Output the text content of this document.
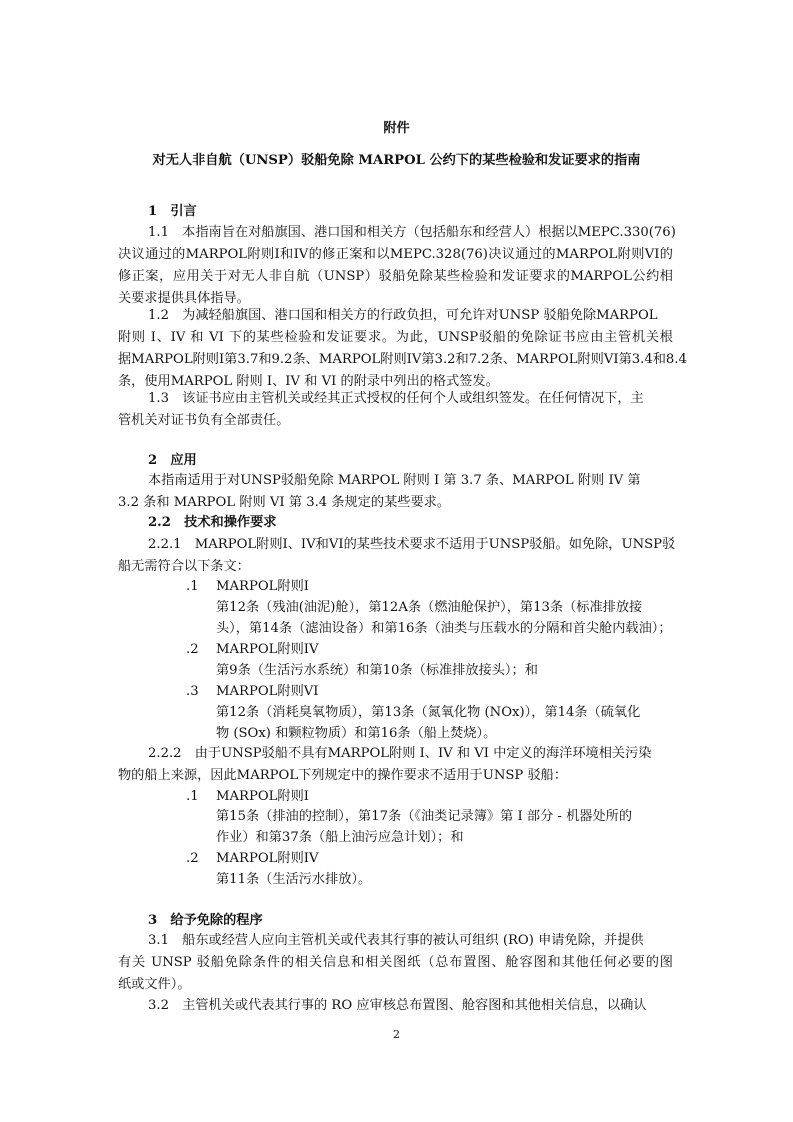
附件
对无人非自航（UNSP）驳船免除 MARPOL 公约下的某些检验和发证要求的指南
1　引言
1.1　本指南旨在对船旗国、港口国和相关方（包括船东和经营人）根据以MEPC.330(76)
决议通过的MARPOL附则I和IV的修正案和以MEPC.328(76)决议通过的MARPOL附则VI的
修正案，应用关于对无人非自航（UNSP）驳船免除某些检验和发证要求的MARPOL公约相
关要求提供具体指导。
1.2　为减轻船旗国、港口国和相关方的行政负担，可允许对UNSP 驳船免除MARPOL
附则 I、IV 和 VI 下的某些检验和发证要求。为此，UNSP驳船的免除证书应由主管机关根
据MARPOL附则I第3.7和9.2条、MARPOL附则IV第3.2和7.2条、MARPOL附则VI第3.4和8.4
条，使用MARPOL 附则 I、IV 和 VI 的附录中列出的格式签发。
1.3　该证书应由主管机关或经其正式授权的任何个人或组织签发。在任何情况下，主
管机关对证书负有全部责任。
2　应用
本指南适用于对UNSP驳船免除 MARPOL 附则 I 第 3.7 条、MARPOL 附则 IV 第
3.2 条和 MARPOL 附则 VI 第 3.4 条规定的某些要求。
2.2　技术和操作要求
2.2.1　MARPOL附则I、IV和VI的某些技术要求不适用于UNSP驳船。如免除，UNSP驳
船无需符合以下条文：
.1 MARPOL附则I
第12条（残油(油泥)舱），第12A条（燃油舱保护），第13条（标准排放接
头），第14条（滤油设备）和第16条（油类与压载水的分隔和首尖舱内载油）；
.2 MARPOL附则IV
第9条（生活污水系统）和第10条（标准排放接头）；和
.3 MARPOL附则VI
第12条（消耗臭氧物质），第13条（氮氧化物 (NOx)），第14条（硫氧化
物 (SOx) 和颗粒物质）和第16条（船上焚烧）。
2.2.2　由于UNSP驳船不具有MARPOL附则 I、IV 和 VI 中定义的海洋环境相关污染
物的船上来源，因此MARPOL下列规定中的操作要求不适用于UNSP 驳船：
.1 MARPOL附则I
第15条（排油的控制），第17条（《油类记录簿》第 I 部分 - 机器处所的
作业）和第37条（船上油污应急计划）；和
.2 MARPOL附则IV
第11条（生活污水排放）。
3　给予免除的程序
3.1　船东或经营人应向主管机关或代表其行事的被认可组织 (RO) 申请免除，并提供
有关 UNSP 驳船免除条件的相关信息和相关图纸（总布置图、舱容图和其他任何必要的图
纸或文件）。
3.2　主管机关或代表其行事的 RO 应审核总布置图、舱容图和其他相关信息，以确认
2
